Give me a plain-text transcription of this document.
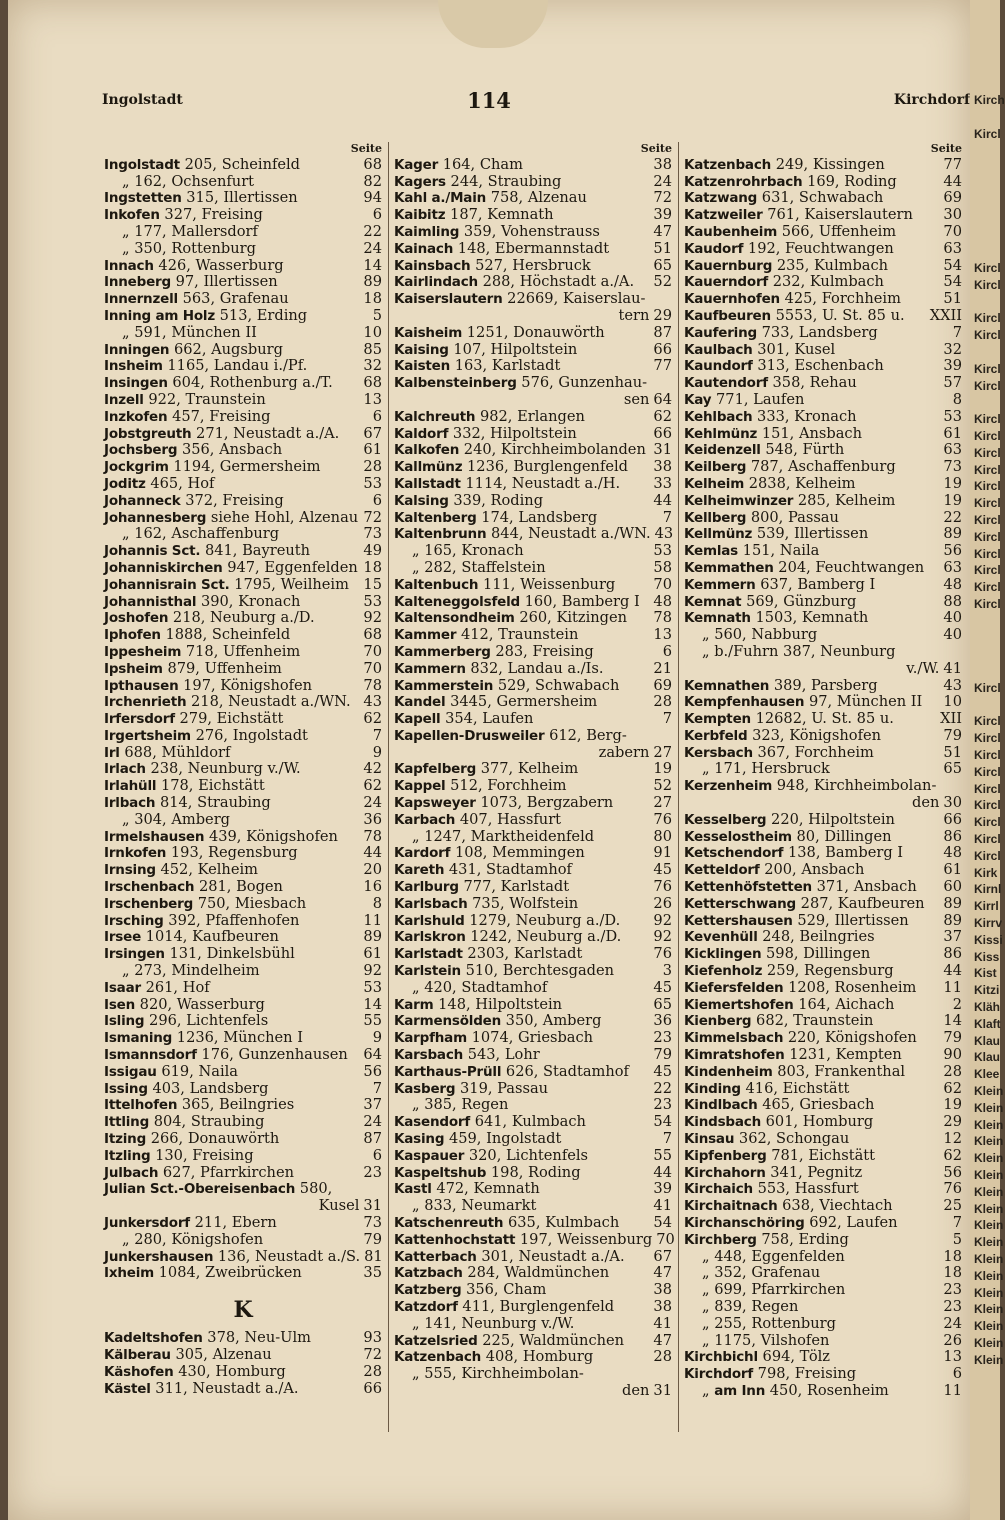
Ingolstadt	114	Kirchdorf
Seite
Ingolstadt 205, Scheinfeld	68
„ 162, Ochsenfurt	82
Ingstetten 315, Illertissen	94
Inkofen 327, Freising	6
„ 177, Mallersdorf	22
„ 350, Rottenburg	24
Innach 426, Wasserburg	14
Inneberg 97, Illertissen	89
Innernzell 563, Grafenau	18
Inning am Holz 513, Erding	5
„ 591, München II	10
Inningen 662, Augsburg	85
Insheim 1165, Landau i./Pf.	32
Insingen 604, Rothenburg a./T.	68
Inzell 922, Traunstein	13
Inzkofen 457, Freising	6
Jobstgreuth 271, Neustadt a./A.	67
Jochsberg 356, Ansbach	61
Jockgrim 1194, Germersheim	28
Joditz 465, Hof	53
Johanneck 372, Freising	6
Johannesberg siehe Hohl, Alzenau 72
„ 162, Aschaffenburg	73
Johannis Sct. 841, Bayreuth	49
Johanniskirchen 947, Eggenfelden 18
Johannisrain Sct. 1795, Weilheim 15
Johannisthal 390, Kronach	53
Joshofen 218, Neuburg a./D.	92
Iphofen 1888, Scheinfeld	68
Ippesheim 718, Uffenheim	70
Ipsheim 879, Uffenheim	70
Ipthausen 197, Königshofen	78
Irchenrieth 218, Neustadt a./WN. 43
Irfersdorf 279, Eichstätt	62
Irgertsheim 276, Ingolstadt	7
Irl 688, Mühldorf	9
Irlach 238, Neunburg v./W.	42
Irlahüll 178, Eichstätt	62
Irlbach 814, Straubing	24
„ 304, Amberg	36
Irmelshausen 439, Königshofen	78
Irnkofen 193, Regensburg	44
Irnsing 452, Kelheim	20
Irschenbach 281, Bogen	16
Irschenberg 750, Miesbach	8
Irsching 392, Pfaffenhofen	11
Irsee 1014, Kaufbeuren	89
Irsingen 131, Dinkelsbühl	61
„ 273, Mindelheim	92
Isaar 261, Hof	53
Isen 820, Wasserburg	14
Isling 296, Lichtenfels	55
Ismaning 1236, München I	9
Ismannsdorf 176, Gunzenhausen	64
Issigau 619, Naila	56
Issing 403, Landsberg	7
Ittelhofen 365, Beilngries	37
Ittling 804, Straubing	24
Itzing 266, Donauwörth	87
Itzling 130, Freising	6
Julbach 627, Pfarrkirchen	23
Julian Sct.-Obereisenbach 580,
Kusel 31
Junkersdorf 211, Ebern	73
„ 280, Königshofen	79
Junkershausen 136, Neustadt a./S. 81
Ixheim 1084, Zweibrücken	35
K
Kadeltshofen 378, Neu-Ulm	93
Kälberau 305, Alzenau	72
Käshofen 430, Homburg	28
Kästel 311, Neustadt a./A.	66
Seite
Kager 164, Cham	38
Kagers 244, Straubing	24
Kahl a./Main 758, Alzenau	72
Kaibitz 187, Kemnath	39
Kaimling 359, Vohenstrauss	47
Kainach 148, Ebermannstadt	51
Kainsbach 527, Hersbruck	65
Kairlindach 288, Höchstadt a./A.	52
Kaiserslautern 22669, Kaiserslau-
tern 29
Kaisheim 1251, Donauwörth	87
Kaising 107, Hilpoltstein	66
Kaisten 163, Karlstadt	77
Kalbensteinberg 576, Gunzenhau-
sen 64
Kalchreuth 982, Erlangen	62
Kaldorf 332, Hilpoltstein	66
Kalkofen 240, Kirchheimbolanden 31
Kallmünz 1236, Burglengenfeld	38
Kallstadt 1114, Neustadt a./H.	33
Kalsing 339, Roding	44
Kaltenberg 174, Landsberg	7
Kaltenbrunn 844, Neustadt a./WN. 43
„ 165, Kronach	53
„ 282, Staffelstein	58
Kaltenbuch 111, Weissenburg	70
Kalteneggolsfeld 160, Bamberg I 48
Kaltensondheim 260, Kitzingen	78
Kammer 412, Traunstein	13
Kammerberg 283, Freising	6
Kammern 832, Landau a./Is.	21
Kammerstein 529, Schwabach	69
Kandel 3445, Germersheim	28
Kapell 354, Laufen	7
Kapellen-Drusweiler 612, Berg-
zabern 27
Kapfelberg 377, Kelheim	19
Kappel 512, Forchheim	52
Kapsweyer 1073, Bergzabern	27
Karbach 407, Hassfurt	76
„ 1247, Marktheidenfeld	80
Kardorf 108, Memmingen	91
Kareth 431, Stadtamhof	45
Karlburg 777, Karlstadt	76
Karlsbach 735, Wolfstein	26
Karlshuld 1279, Neuburg a./D.	92
Karlskron 1242, Neuburg a./D.	92
Karlstadt 2303, Karlstadt	76
Karlstein 510, Berchtesgaden	3
„ 420, Stadtamhof	45
Karm 148, Hilpoltstein	65
Karmensölden 350, Amberg	36
Karpfham 1074, Griesbach	23
Karsbach 543, Lohr	79
Karthaus-Prüll 626, Stadtamhof	45
Kasberg 319, Passau	22
„ 385, Regen	23
Kasendorf 641, Kulmbach	54
Kasing 459, Ingolstadt	7
Kaspauer 320, Lichtenfels	55
Kaspeltshub 198, Roding	44
Kastl 472, Kemnath	39
„ 833, Neumarkt	41
Katschenreuth 635, Kulmbach	54
Kattenhochstatt 197, Weissenburg 70
Katterbach 301, Neustadt a./A.	67
Katzbach 284, Waldmünchen	47
Katzberg 356, Cham	38
Katzdorf 411, Burglengenfeld	38
„ 141, Neunburg v./W.	41
Katzelsried 225, Waldmünchen	47
Katzenbach 408, Homburg	28
„ 555, Kirchheimbolan-
den 31
Seite
Katzenbach 249, Kissingen	77
Katzenrohrbach 169, Roding	44
Katzwang 631, Schwabach	69
Katzweiler 761, Kaiserslautern	30
Kaubenheim 566, Uffenheim	70
Kaudorf 192, Feuchtwangen	63
Kauernburg 235, Kulmbach	54
Kauerndorf 232, Kulmbach	54
Kauernhofen 425, Forchheim	51
Kaufbeuren 5553, U. St. 85 u.	XXII
Kaufering 733, Landsberg	7
Kaulbach 301, Kusel	32
Kaundorf 313, Eschenbach	39
Kautendorf 358, Rehau	57
Kay 771, Laufen	8
Kehlbach 333, Kronach	53
Kehlmünz 151, Ansbach	61
Keidenzell 548, Fürth	63
Keilberg 787, Aschaffenburg	73
Kelheim 2838, Kelheim	19
Kelheimwinzer 285, Kelheim	19
Kellberg 800, Passau	22
Kellmünz 539, Illertissen	89
Kemlas 151, Naila	56
Kemmathen 204, Feuchtwangen	63
Kemmern 637, Bamberg I	48
Kemnat 569, Günzburg	88
Kemnath 1503, Kemnath	40
„ 560, Nabburg	40
„ b./Fuhrn 387, Neunburg
v./W. 41
Kemnathen 389, Parsberg	43
Kempfenhausen 97, München II	10
Kempten 12682, U. St. 85 u.	XII
Kerbfeld 323, Königshofen	79
Kersbach 367, Forchheim	51
„ 171, Hersbruck	65
Kerzenheim 948, Kirchheimbolan-
den 30
Kesselberg 220, Hilpoltstein	66
Kesselostheim 80, Dillingen	86
Ketschendorf 138, Bamberg I	48
Ketteldorf 200, Ansbach	61
Kettenhöfstetten 371, Ansbach	60
Ketterschwang 287, Kaufbeuren	89
Kettershausen 529, Illertissen	89
Kevenhüll 248, Beilngries	37
Kicklingen 598, Dillingen	86
Kiefenholz 259, Regensburg	44
Kiefersfelden 1208, Rosenheim	11
Kiemertshofen 164, Aichach	2
Kienberg 682, Traunstein	14
Kimmelsbach 220, Königshofen	79
Kimratshofen 1231, Kempten	90
Kindenheim 803, Frankenthal	28
Kinding 416, Eichstätt	62
Kindlbach 465, Griesbach	19
Kindsbach 601, Homburg	29
Kinsau 362, Schongau	12
Kipfenberg 781, Eichstätt	62
Kirchahorn 341, Pegnitz	56
Kirchaich 553, Hassfurt	76
Kirchaitnach 638, Viechtach	25
Kirchanschöring 692, Laufen	7
Kirchberg 758, Erding	5
„ 448, Eggenfelden	18
„ 352, Grafenau	18
„ 699, Pfarrkirchen	23
„ 839, Regen	23
„ 255, Rottenburg	24
„ 1175, Vilshofen	26
Kirchbichl 694, Tölz	13
Kirchdorf 798, Freising	6
„ am Inn 450, Rosenheim	11
Kirch
Kircl
Kircl
Kircl
Kircl
Kircl
Kircl
Kircl
Kircl
Kircl
Kircl
Kircl
Kircl
Kircl
Kircl
Kircl
Kircl
Kircl
Kircl
Kircl
Kircl
Kircl
Kircl
Kircl
Kircl
Kircl
Kircl
Kircl
Kircl
Kircl
Kirk
Kirnl
Kirrl
Kirrv
Kissi
Kiss
Kist
Kitzi
Kläh
Klaft
Klau
Klau
Klee
Klein
Klein
Klein
Klein
Klein
Klein
Klein
Klein
Klein
Klein
Klein
Klein
Klein
Klein
Klein
Klein
Klein
